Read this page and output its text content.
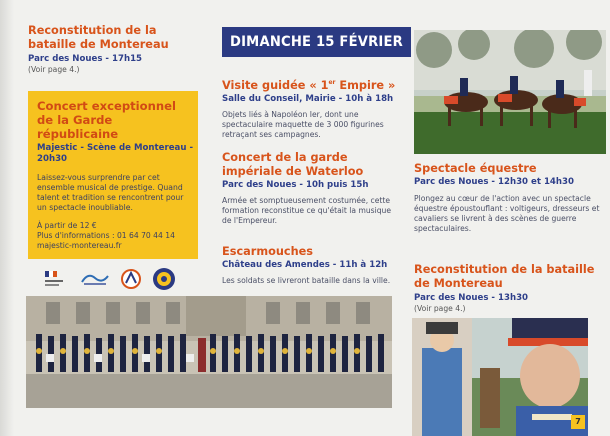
Reconstitution de la bataille de Montereau

Parc des Noues - 17h15

(Voir page 4.)

Concert exceptionnel de la Garde républicaine

Majestic - Scène de Montereau - 20h30

Laissez-vous surprendre par cet ensemble musical de prestige. Quand talent et tradition se rencontrent pour un spectacle inoubliable.

À partir de 12 €

Plus d'informations : 01 64 70 44 14

majestic-montereau.fr

DIMANCHE 15 FÉVRIER

Visite guidée « 1er Empire »

Salle du Conseil, Mairie - 10h à 18h

Objets liés à Napoléon Ier, dont une spectaculaire maquette de 3 000 figurines retraçant ses campagnes.

Concert de la garde impériale de Waterloo

Parc des Noues - 10h puis 15h

Armée et somptueusement costumée, cette formation reconstitue ce qu'était la musique de l'Empereur.

Escarmouches

Château des Amendes - 11h à 12h

Les soldats se livreront bataille dans la ville.

Spectacle équestre

Parc des Noues - 12h30 et 14h30

Plongez au cœur de l'action avec un spectacle équestre époustouflant : voltigeurs, dresseurs et cavaliers se livrent à des scènes de guerre spectaculaires.

Reconstitution de la bataille de Montereau

Parc des Noues - 13h30

(Voir page 4.)

7
